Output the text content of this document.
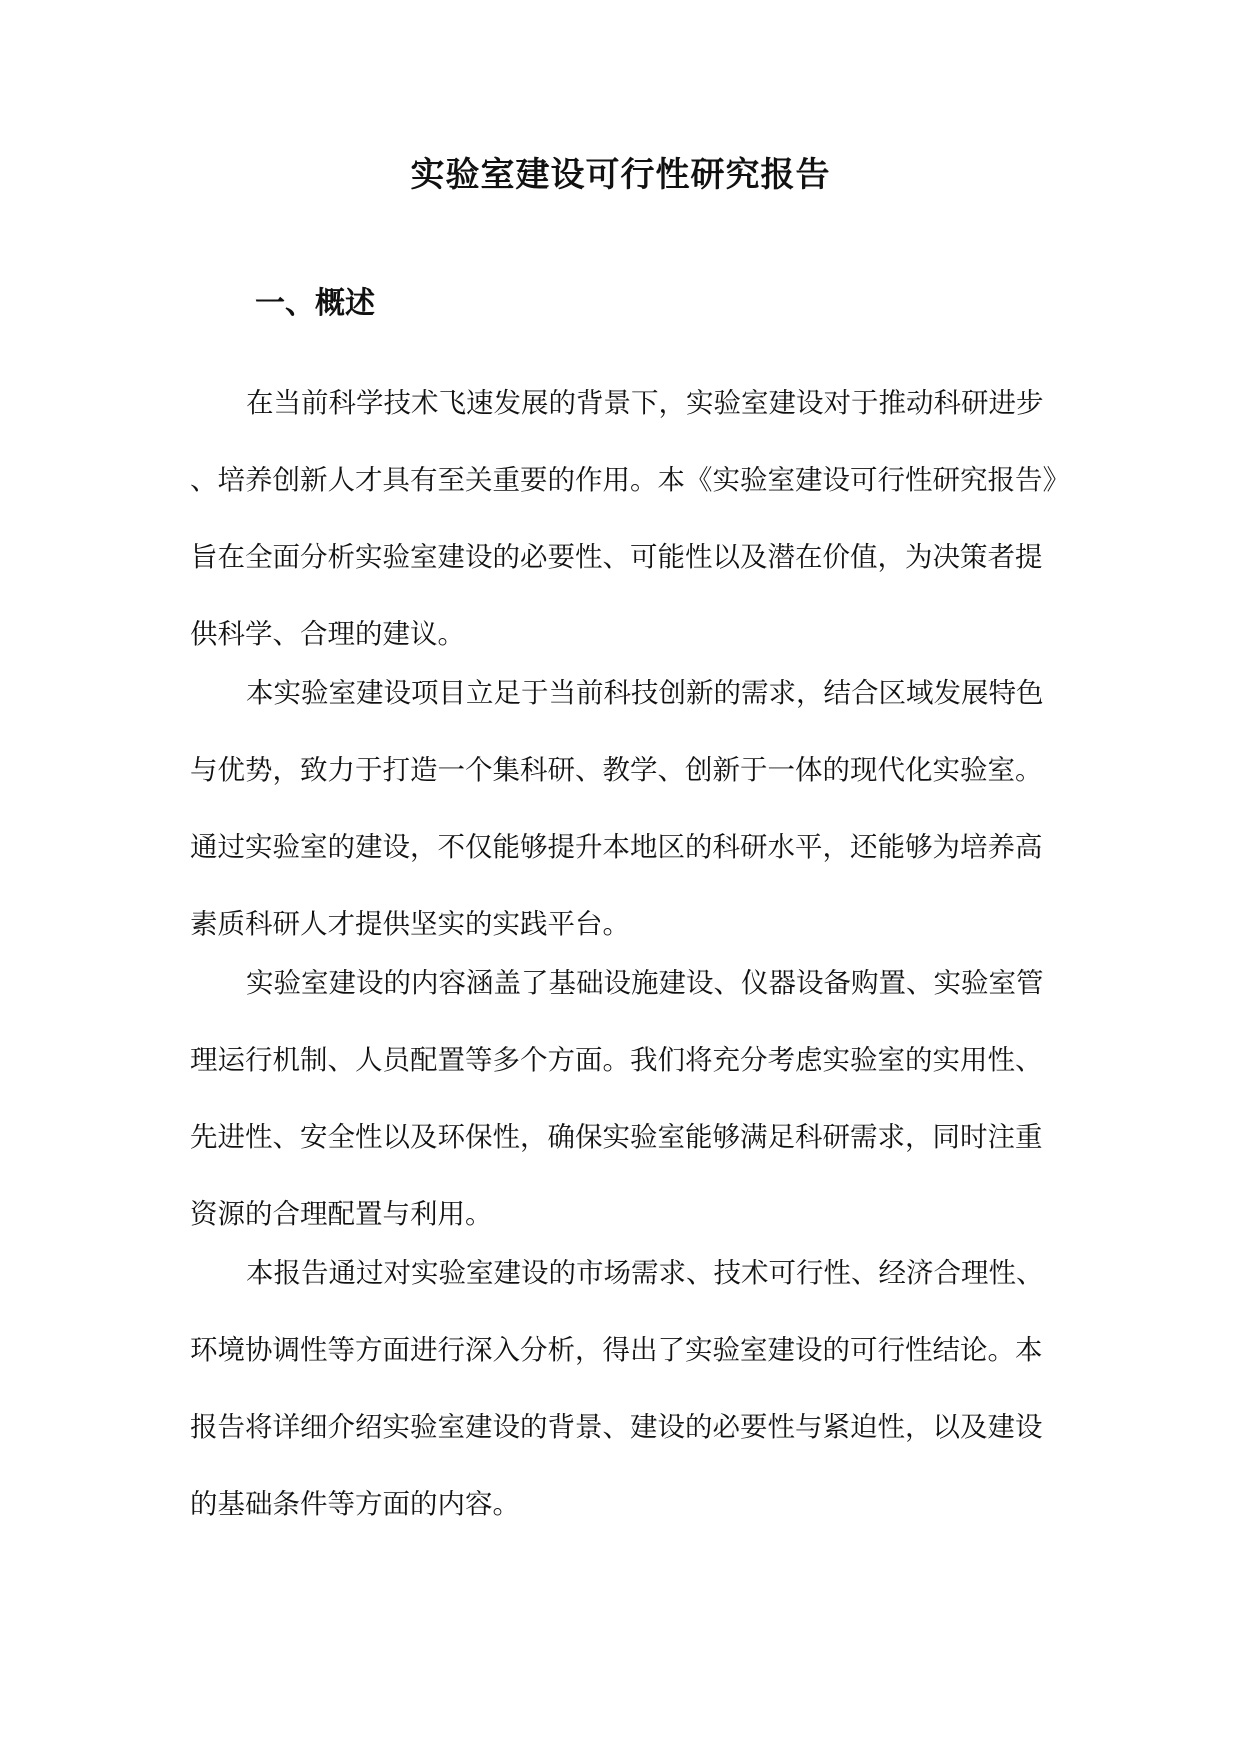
实验室建设可行性研究报告
一、概述

在当前科学技术飞速发展的背景下，实验室建设对于推动科研进步、培养创新人才具有至关重要的作用。本《实验室建设可行性研究报告》旨在全面分析实验室建设的必要性、可能性以及潜在价值，为决策者提供科学、合理的建议。

本实验室建设项目立足于当前科技创新的需求，结合区域发展特色与优势，致力于打造一个集科研、教学、创新于一体的现代化实验室。通过实验室的建设，不仅能够提升本地区的科研水平，还能够为培养高素质科研人才提供坚实的实践平台。

实验室建设的内容涵盖了基础设施建设、仪器设备购置、实验室管理运行机制、人员配置等多个方面。我们将充分考虑实验室的实用性、先进性、安全性以及环保性，确保实验室能够满足科研需求，同时注重资源的合理配置与利用。

本报告通过对实验室建设的市场需求、技术可行性、经济合理性、环境协调性等方面进行深入分析，得出了实验室建设的可行性结论。本报告将详细介绍实验室建设的背景、建设的必要性与紧迫性，以及建设的基础条件等方面的内容。
